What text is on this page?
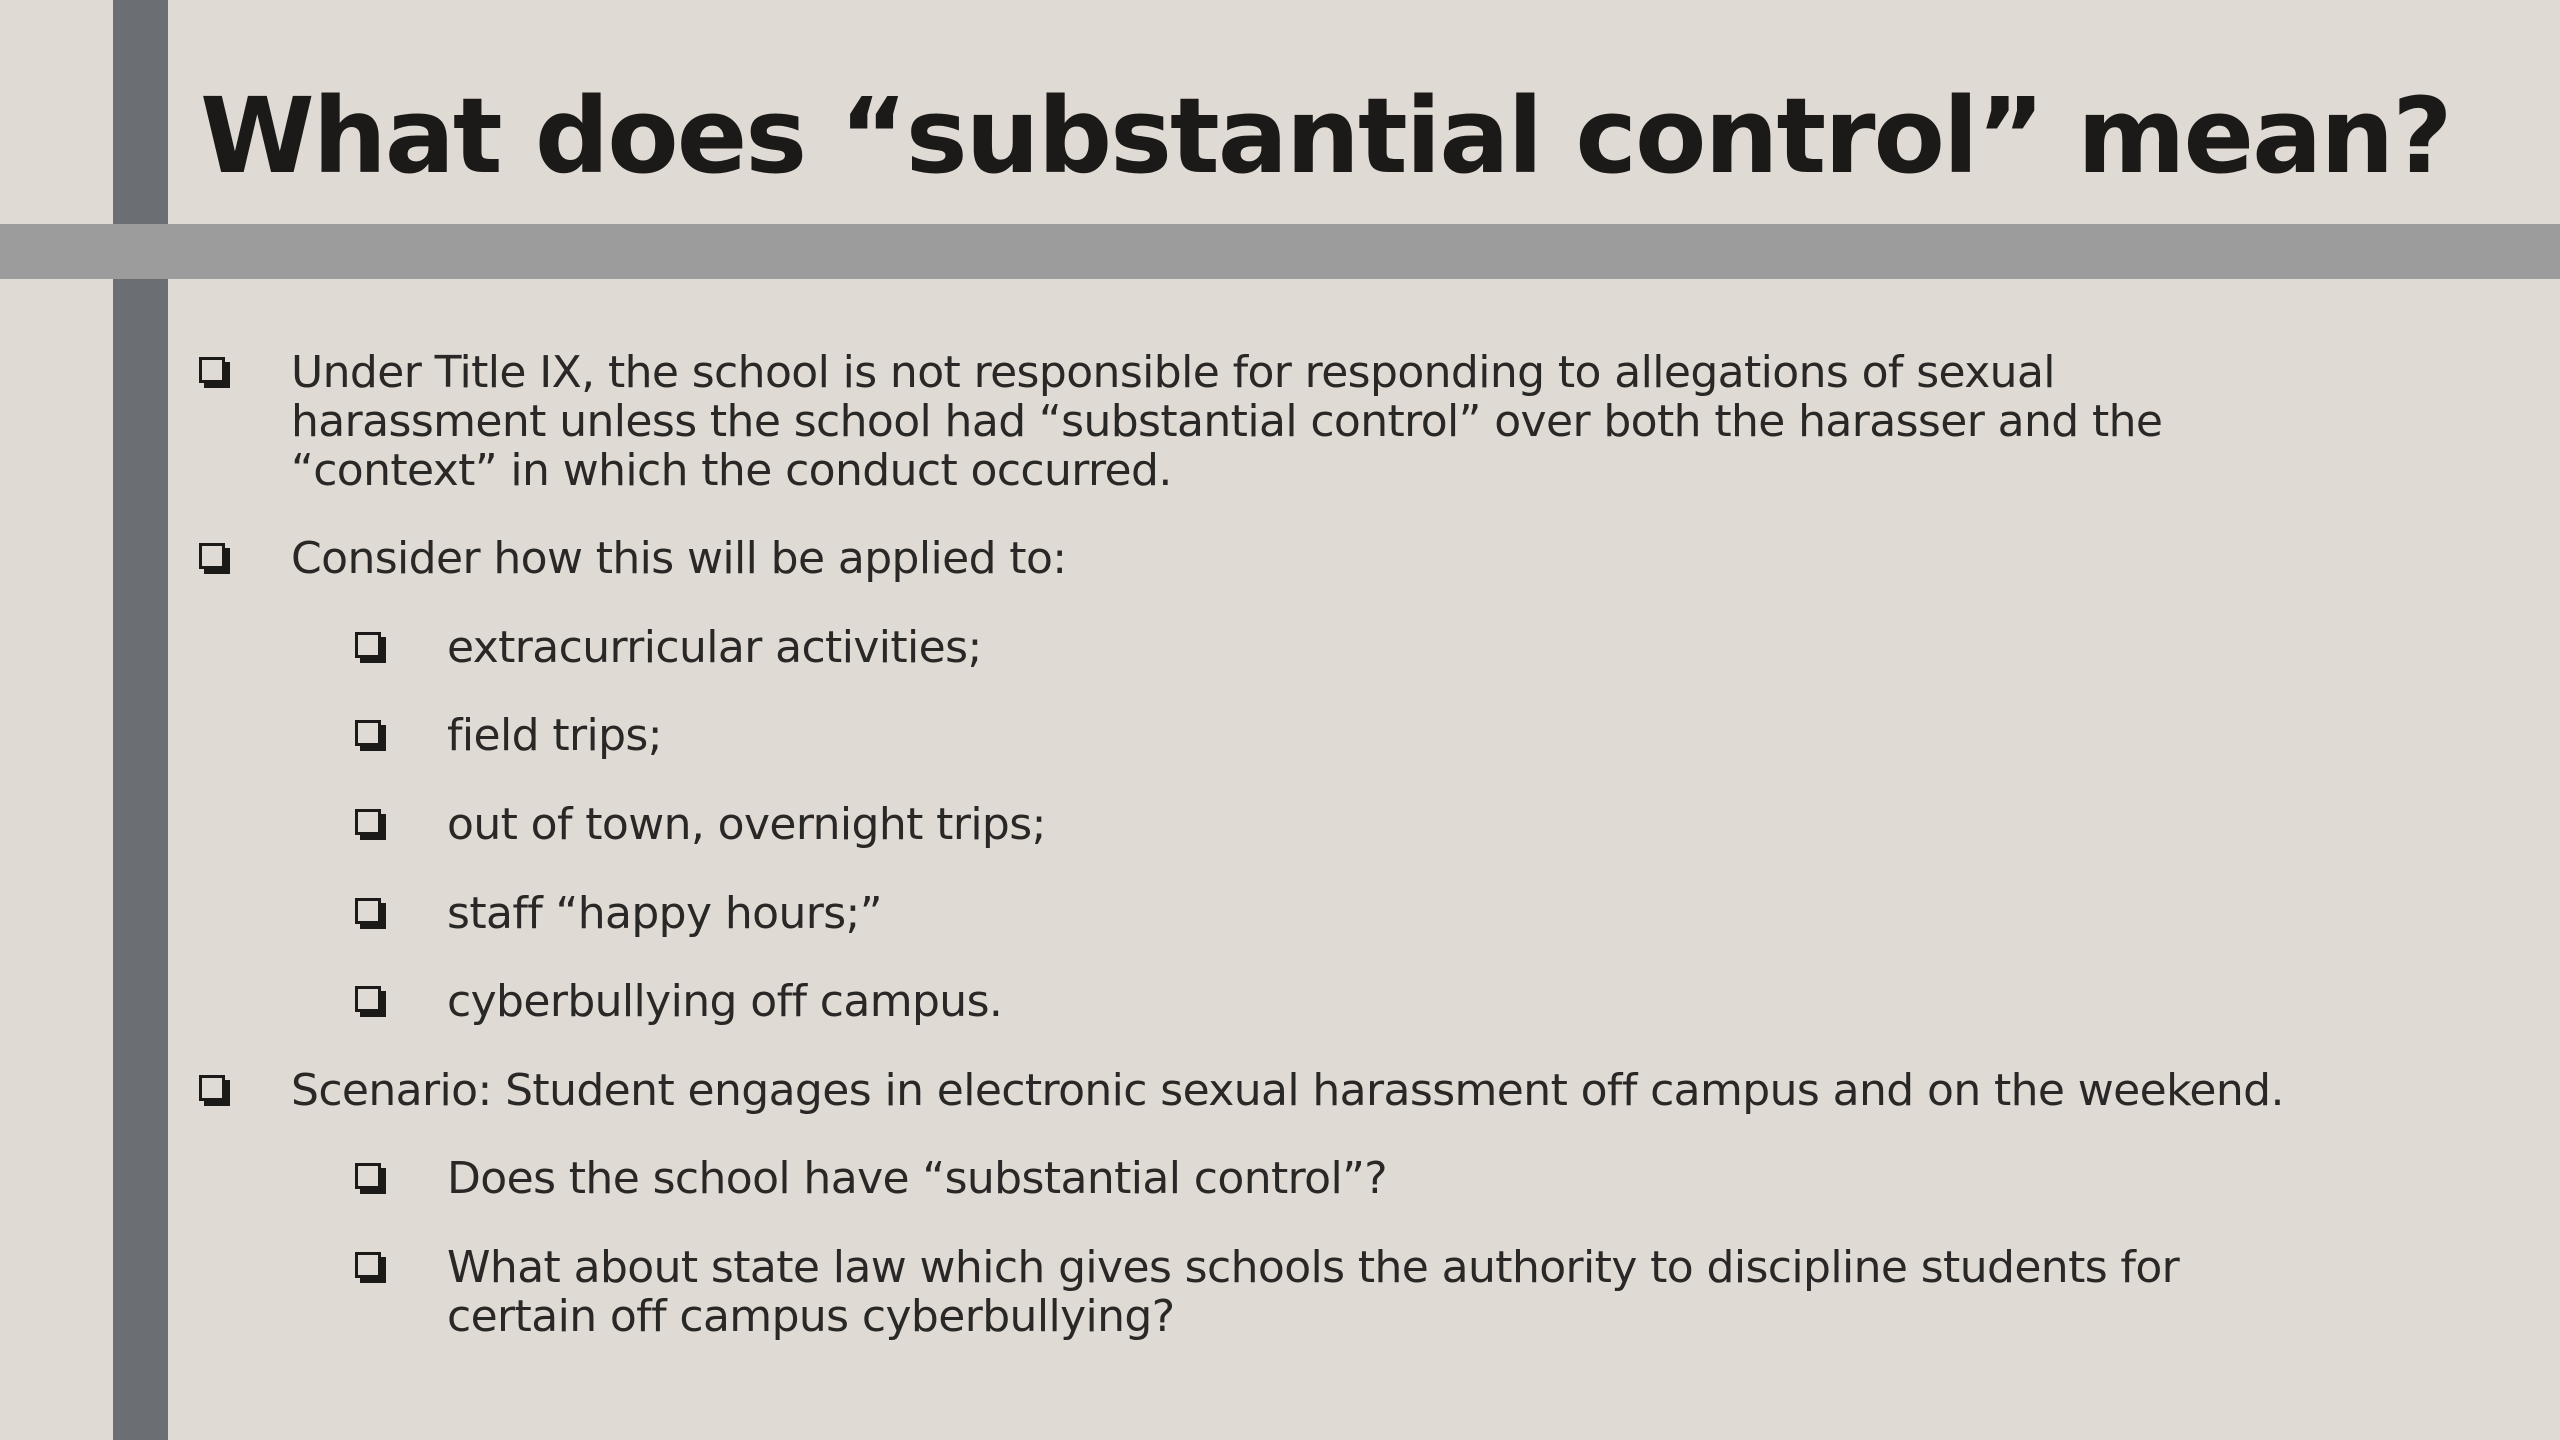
What does “substantial control” mean?
Under Title IX, the school is not responsible for responding to allegations of sexual
harassment unless the school had “substantial control” over both the harasser and the
“context” in which the conduct occurred.
Consider how this will be applied to:
extracurricular activities;
field trips;
out of town, overnight trips;
staff “happy hours;”
cyberbullying off campus.
Scenario: Student engages in electronic sexual harassment off campus and on the weekend.
Does the school have “substantial control”?
What about state law which gives schools the authority to discipline students for
certain off campus cyberbullying?
